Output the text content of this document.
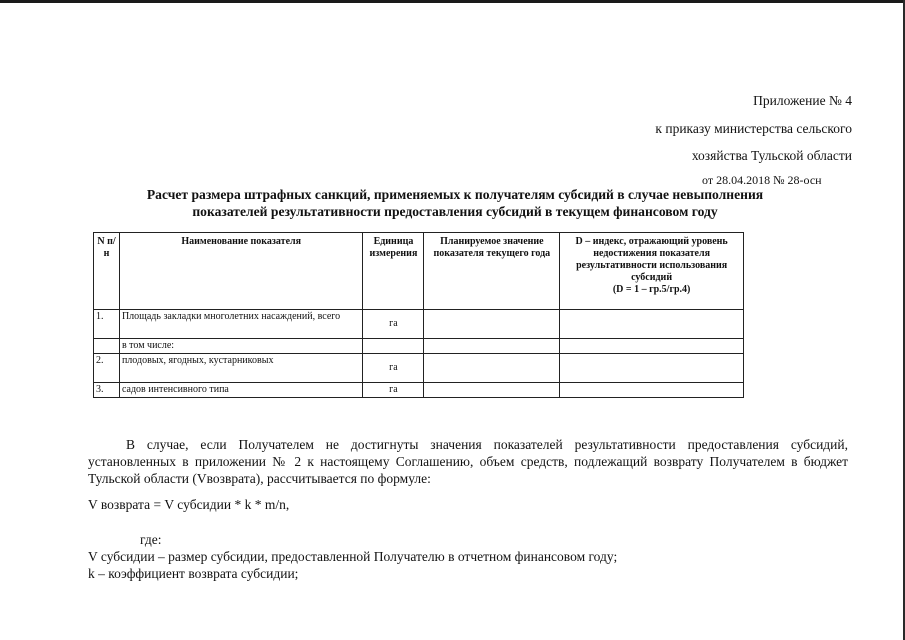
Приложение № 4
к приказу министерства сельского
хозяйства Тульской области
от 28.04.2018 № 28-осн
Расчет размера штрафных санкций, применяемых к получателям субсидий в случае невыполнения
показателей результативности предоставления субсидий в текущем финансовом году
N п/н	Наименование показателя	Единица измерения	Планируемое значение показателя текущего года	D – индекс, отражающий уровень недостижения показателя результативности использования субсидий
(D = 1 – гр.5/гр.4)

1.	Площадь закладки многолетних насаждений, всего	га		
	в том числе:			
2.	плодовых, ягодных, кустарниковых	га		
3.	садов интенсивного типа	га		
В случае, если Получателем не достигнуты значения показателей результативности предоставления субсидий, установленных в приложении № 2 к настоящему Соглашению, объем средств, подлежащий возврату Получателем в бюджет Тульской области (Vвозврата), рассчитывается по формуле:
V возврата = V субсидии * k * m/n,
где:
V субсидии – размер субсидии, предоставленной Получателю в отчетном финансовом году;
k – коэффициент возврата субсидии;
